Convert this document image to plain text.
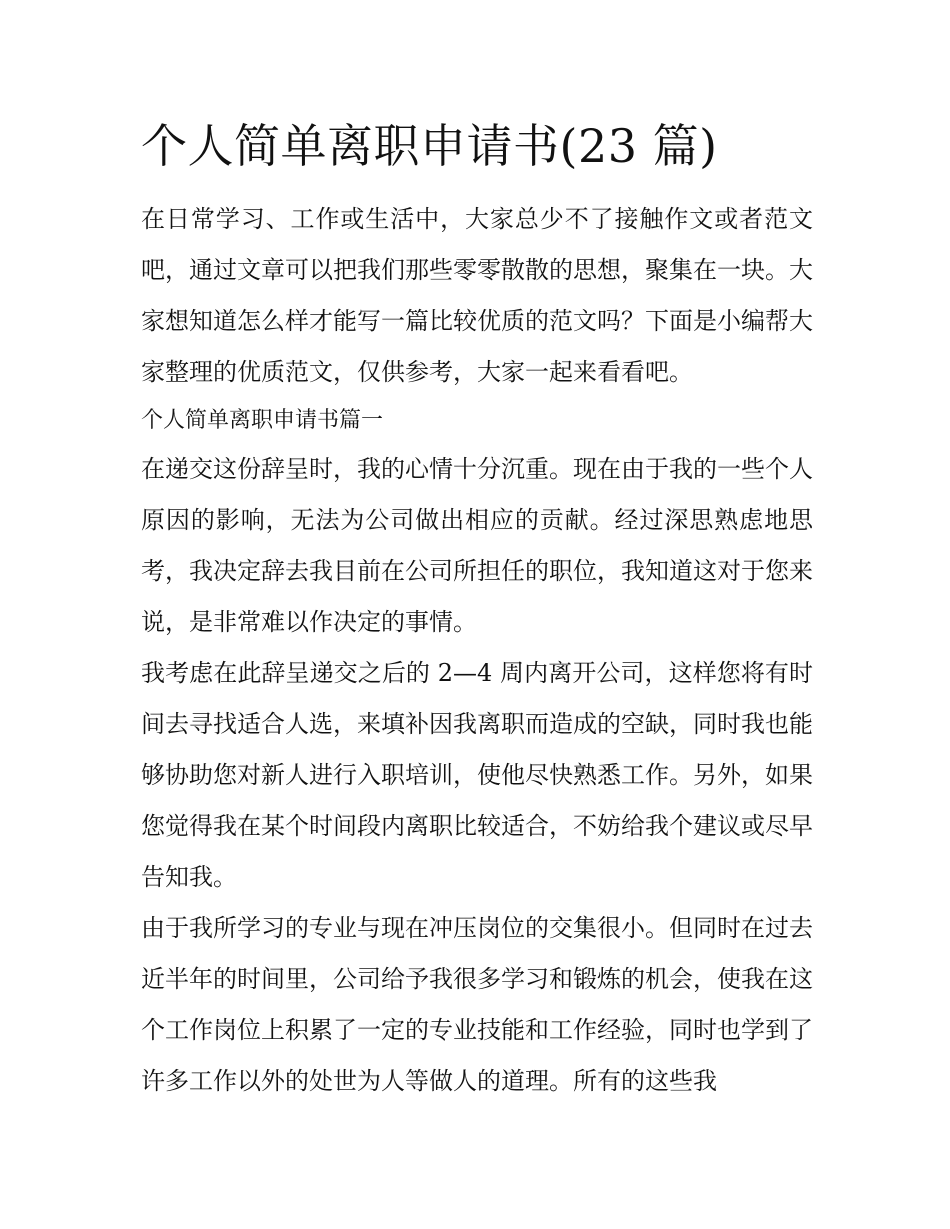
个人简单离职申请书(23 篇)

在日常学习、工作或生活中，大家总少不了接触作文或者范文吧，通过文章可以把我们那些零零散散的思想，聚集在一块。大家想知道怎么样才能写一篇比较优质的范文吗？下面是小编帮大家整理的优质范文，仅供参考，大家一起来看看吧。

个人简单离职申请书篇一

在递交这份辞呈时，我的心情十分沉重。现在由于我的一些个人原因的影响，无法为公司做出相应的贡献。经过深思熟虑地思考，我决定辞去我目前在公司所担任的职位，我知道这对于您来说，是非常难以作决定的事情。

我考虑在此辞呈递交之后的 2—4 周内离开公司，这样您将有时间去寻找适合人选，来填补因我离职而造成的空缺，同时我也能够协助您对新人进行入职培训，使他尽快熟悉工作。另外，如果您觉得我在某个时间段内离职比较适合，不妨给我个建议或尽早告知我。

由于我所学习的专业与现在冲压岗位的交集很小。但同时在过去近半年的时间里，公司给予我很多学习和锻炼的机会，使我在这个工作岗位上积累了一定的专业技能和工作经验，同时也学到了许多工作以外的处世为人等做人的道理。所有的这些我
